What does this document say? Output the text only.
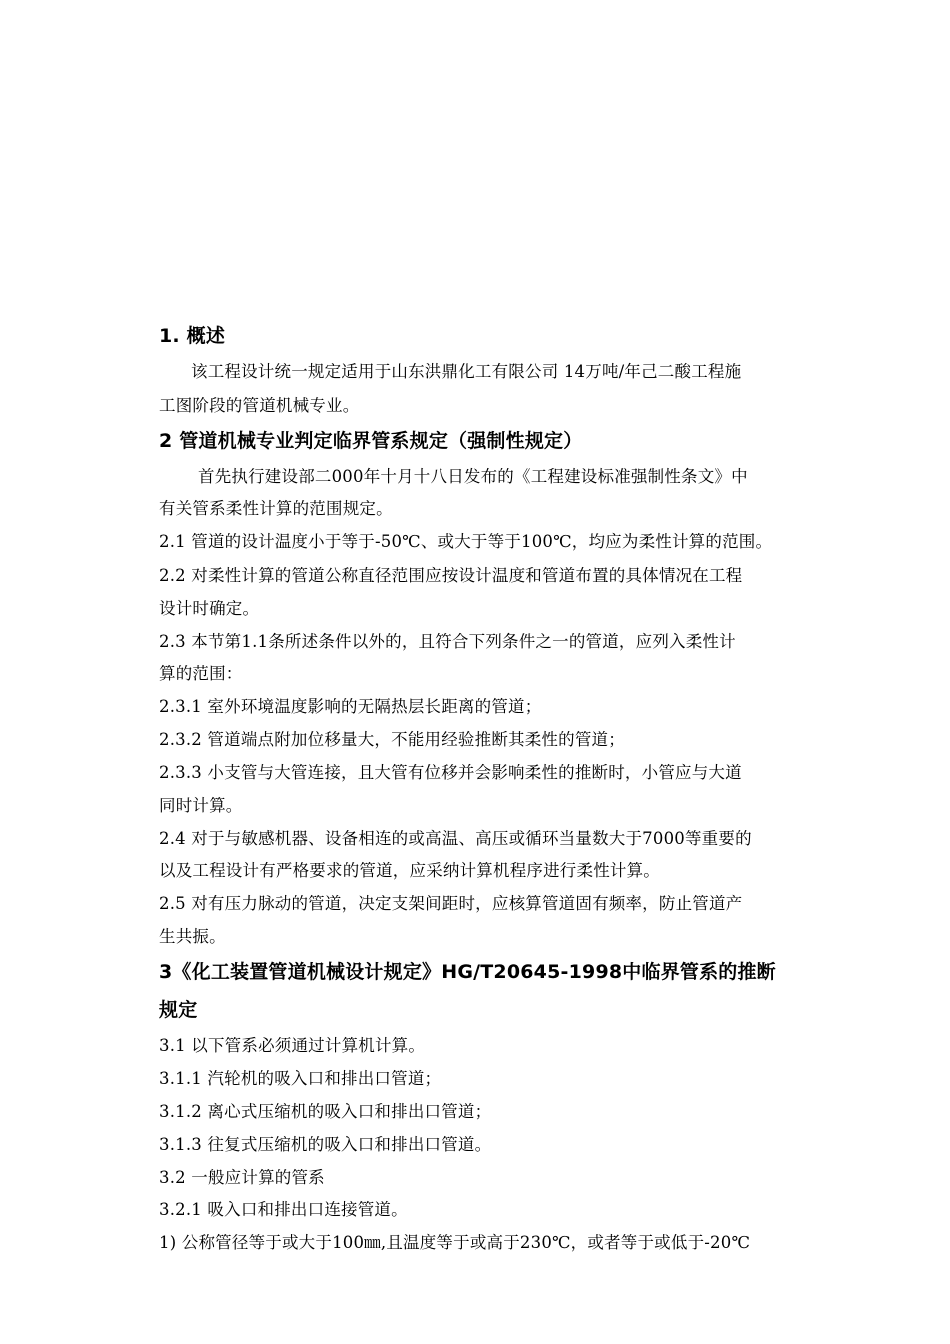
1. 概述
该工程设计统一规定适用于山东洪鼎化工有限公司 14万吨/年己二酸工程施
工图阶段的管道机械专业。
2 管道机械专业判定临界管系规定（强制性规定）
首先执行建设部二000年十月十八日发布的《工程建设标准强制性条文》中
有关管系柔性计算的范围规定。
2.1 管道的设计温度小于等于-50℃、或大于等于100℃，均应为柔性计算的范围。
2.2 对柔性计算的管道公称直径范围应按设计温度和管道布置的具体情况在工程
设计时确定。
2.3 本节第1.1条所述条件以外的，且符合下列条件之一的管道，应列入柔性计
算的范围：
2.3.1 室外环境温度影响的无隔热层长距离的管道；
2.3.2 管道端点附加位移量大，不能用经验推断其柔性的管道；
2.3.3 小支管与大管连接，且大管有位移并会影响柔性的推断时，小管应与大道
同时计算。
2.4 对于与敏感机器、设备相连的或高温、高压或循环当量数大于7000等重要的
以及工程设计有严格要求的管道，应采纳计算机程序进行柔性计算。
2.5 对有压力脉动的管道，决定支架间距时，应核算管道固有频率，防止管道产
生共振。
3《化工装置管道机械设计规定》HG/T20645-1998中临界管系的推断
规定
3.1 以下管系必须通过计算机计算。
3.1.1 汽轮机的吸入口和排出口管道；
3.1.2 离心式压缩机的吸入口和排出口管道；
3.1.3 往复式压缩机的吸入口和排出口管道。
3.2 一般应计算的管系
3.2.1 吸入口和排出口连接管道。
1) 公称管径等于或大于100㎜,且温度等于或高于230℃，或者等于或低于-20℃
